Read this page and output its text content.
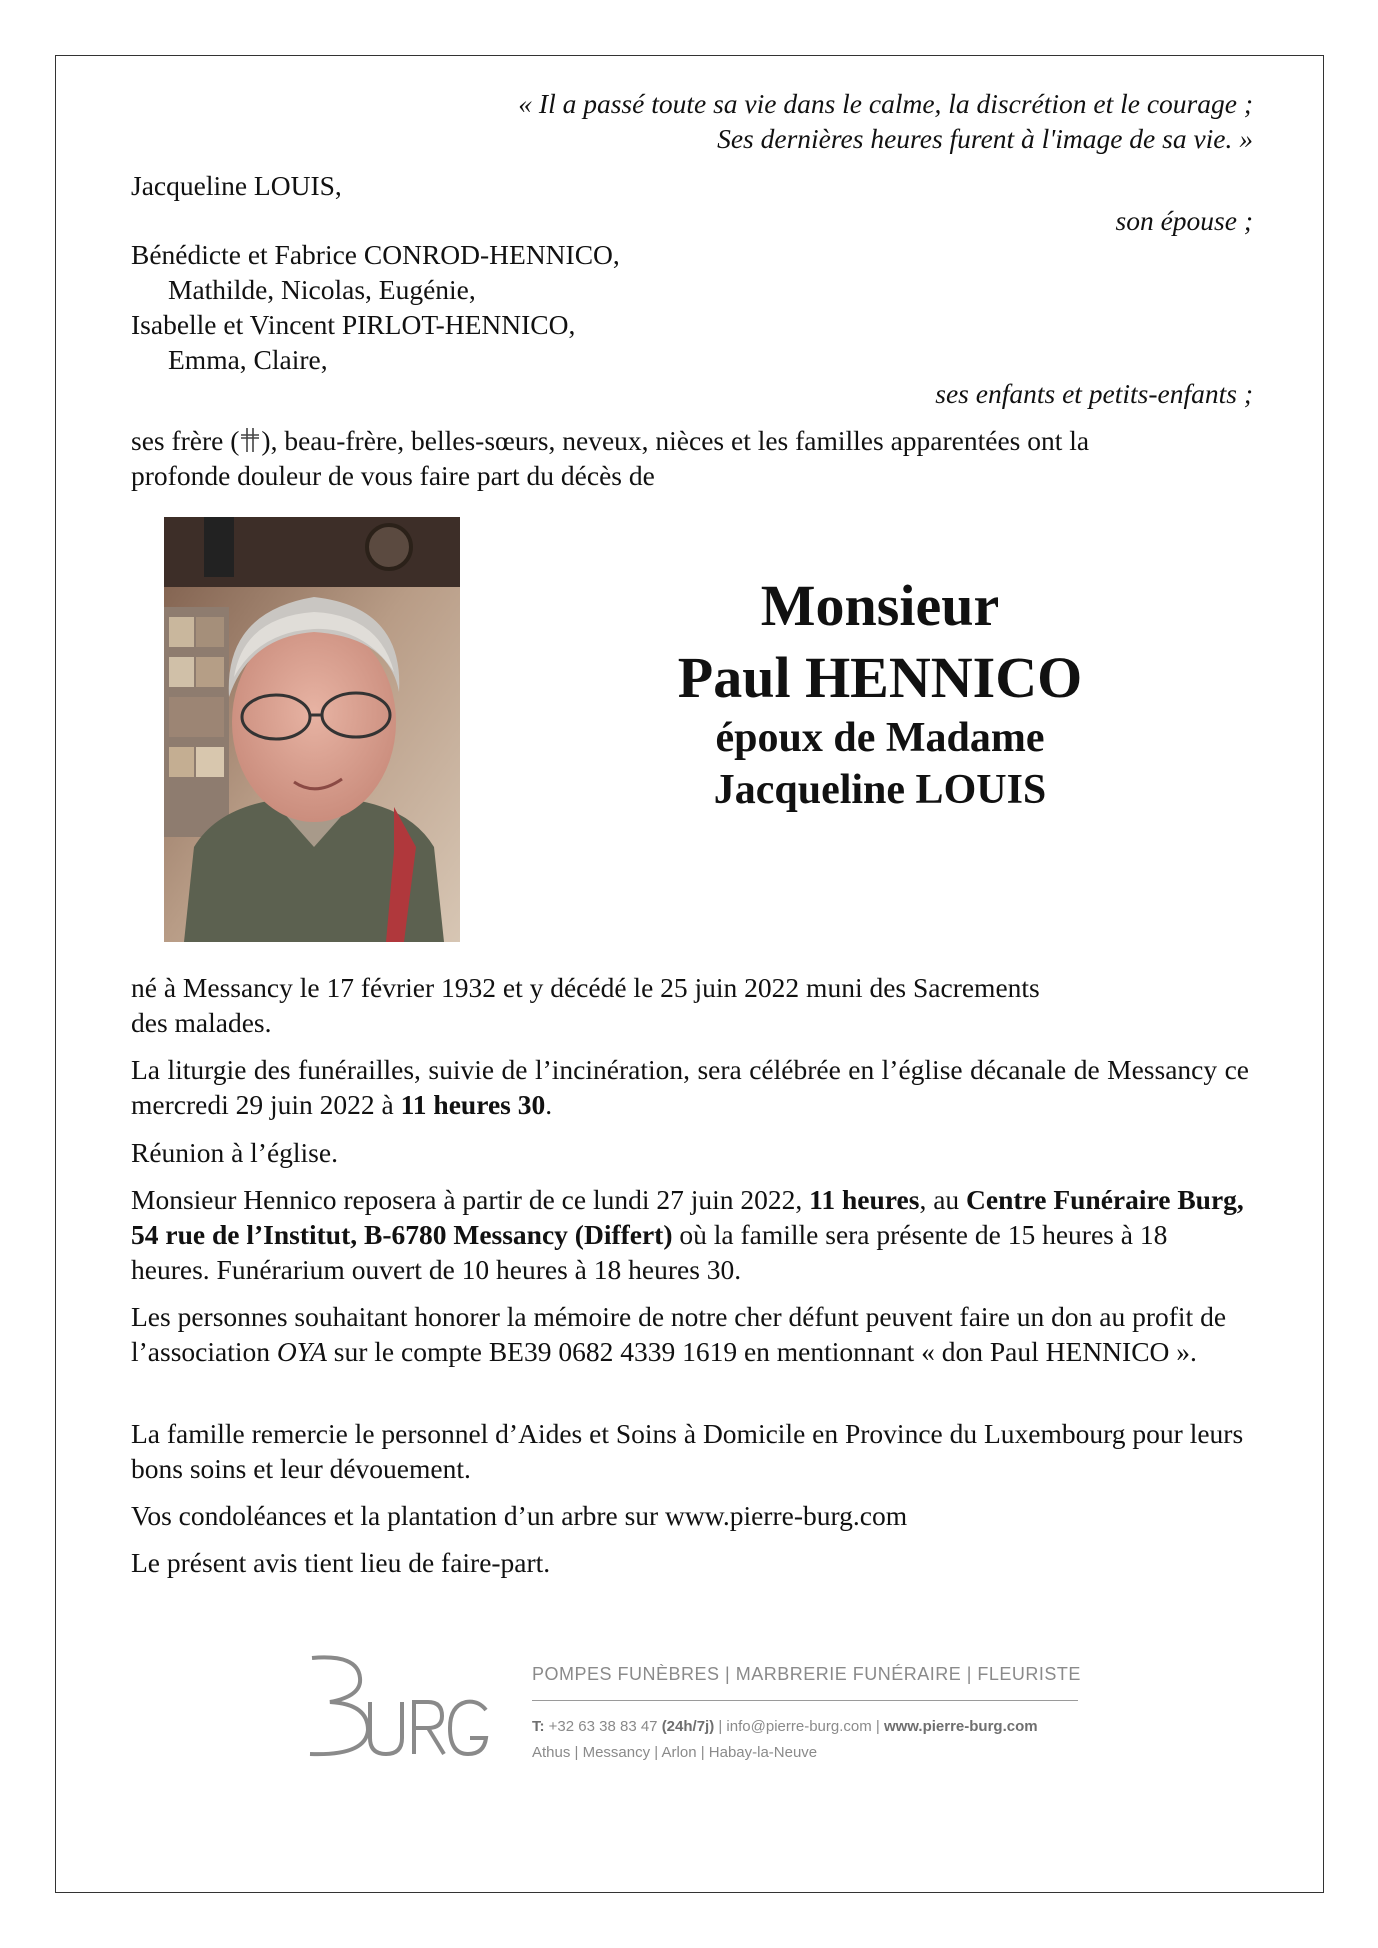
« Il a passé toute sa vie dans le calme, la discrétion et le courage ;
Ses dernières heures furent à l'image de sa vie. »
Jacqueline LOUIS,
son épouse ;
Bénédicte et Fabrice CONROD-HENNICO,
Mathilde, Nicolas, Eugénie,
Isabelle et Vincent PIRLOT-HENNICO,
Emma, Claire,
ses enfants et petits-enfants ;
ses frère ( ), beau-frère, belles-sœurs, neveux, nièces et les familles apparentées ont la
profonde douleur de vous faire part du décès de
Monsieur
Paul HENNICO
époux de Madame
Jacqueline LOUIS
né à Messancy le 17 février 1932 et y décédé le 25 juin 2022 muni des Sacrements
des malades.
La liturgie des funérailles, suivie de l’incinération, sera célébrée en l’église décanale de Messancy ce mercredi 29 juin 2022 à 11 heures 30.
Réunion à l’église.
Monsieur Hennico reposera à partir de ce lundi 27 juin 2022, 11 heures, au Centre Funéraire Burg, 54 rue de l’Institut, B-6780 Messancy (Differt) où la famille sera présente de 15 heures à 18 heures. Funérarium ouvert de 10 heures à 18 heures 30.
Les personnes souhaitant honorer la mémoire de notre cher défunt peuvent faire un don au profit de l’association OYA sur le compte BE39 0682 4339 1619 en mentionnant « don Paul HENNICO ».
La famille remercie le personnel d’Aides et Soins à Domicile en Province du Luxembourg pour leurs bons soins et leur dévouement.
Vos condoléances et la plantation d’un arbre sur www.pierre-burg.com
Le présent avis tient lieu de faire-part.
POMPES FUNÈBRES | MARBRERIE FUNÉRAIRE | FLEURISTE
T: +32 63 38 83 47 (24h/7j) | info@pierre-burg.com | www.pierre-burg.com
Athus | Messancy | Arlon | Habay-la-Neuve
